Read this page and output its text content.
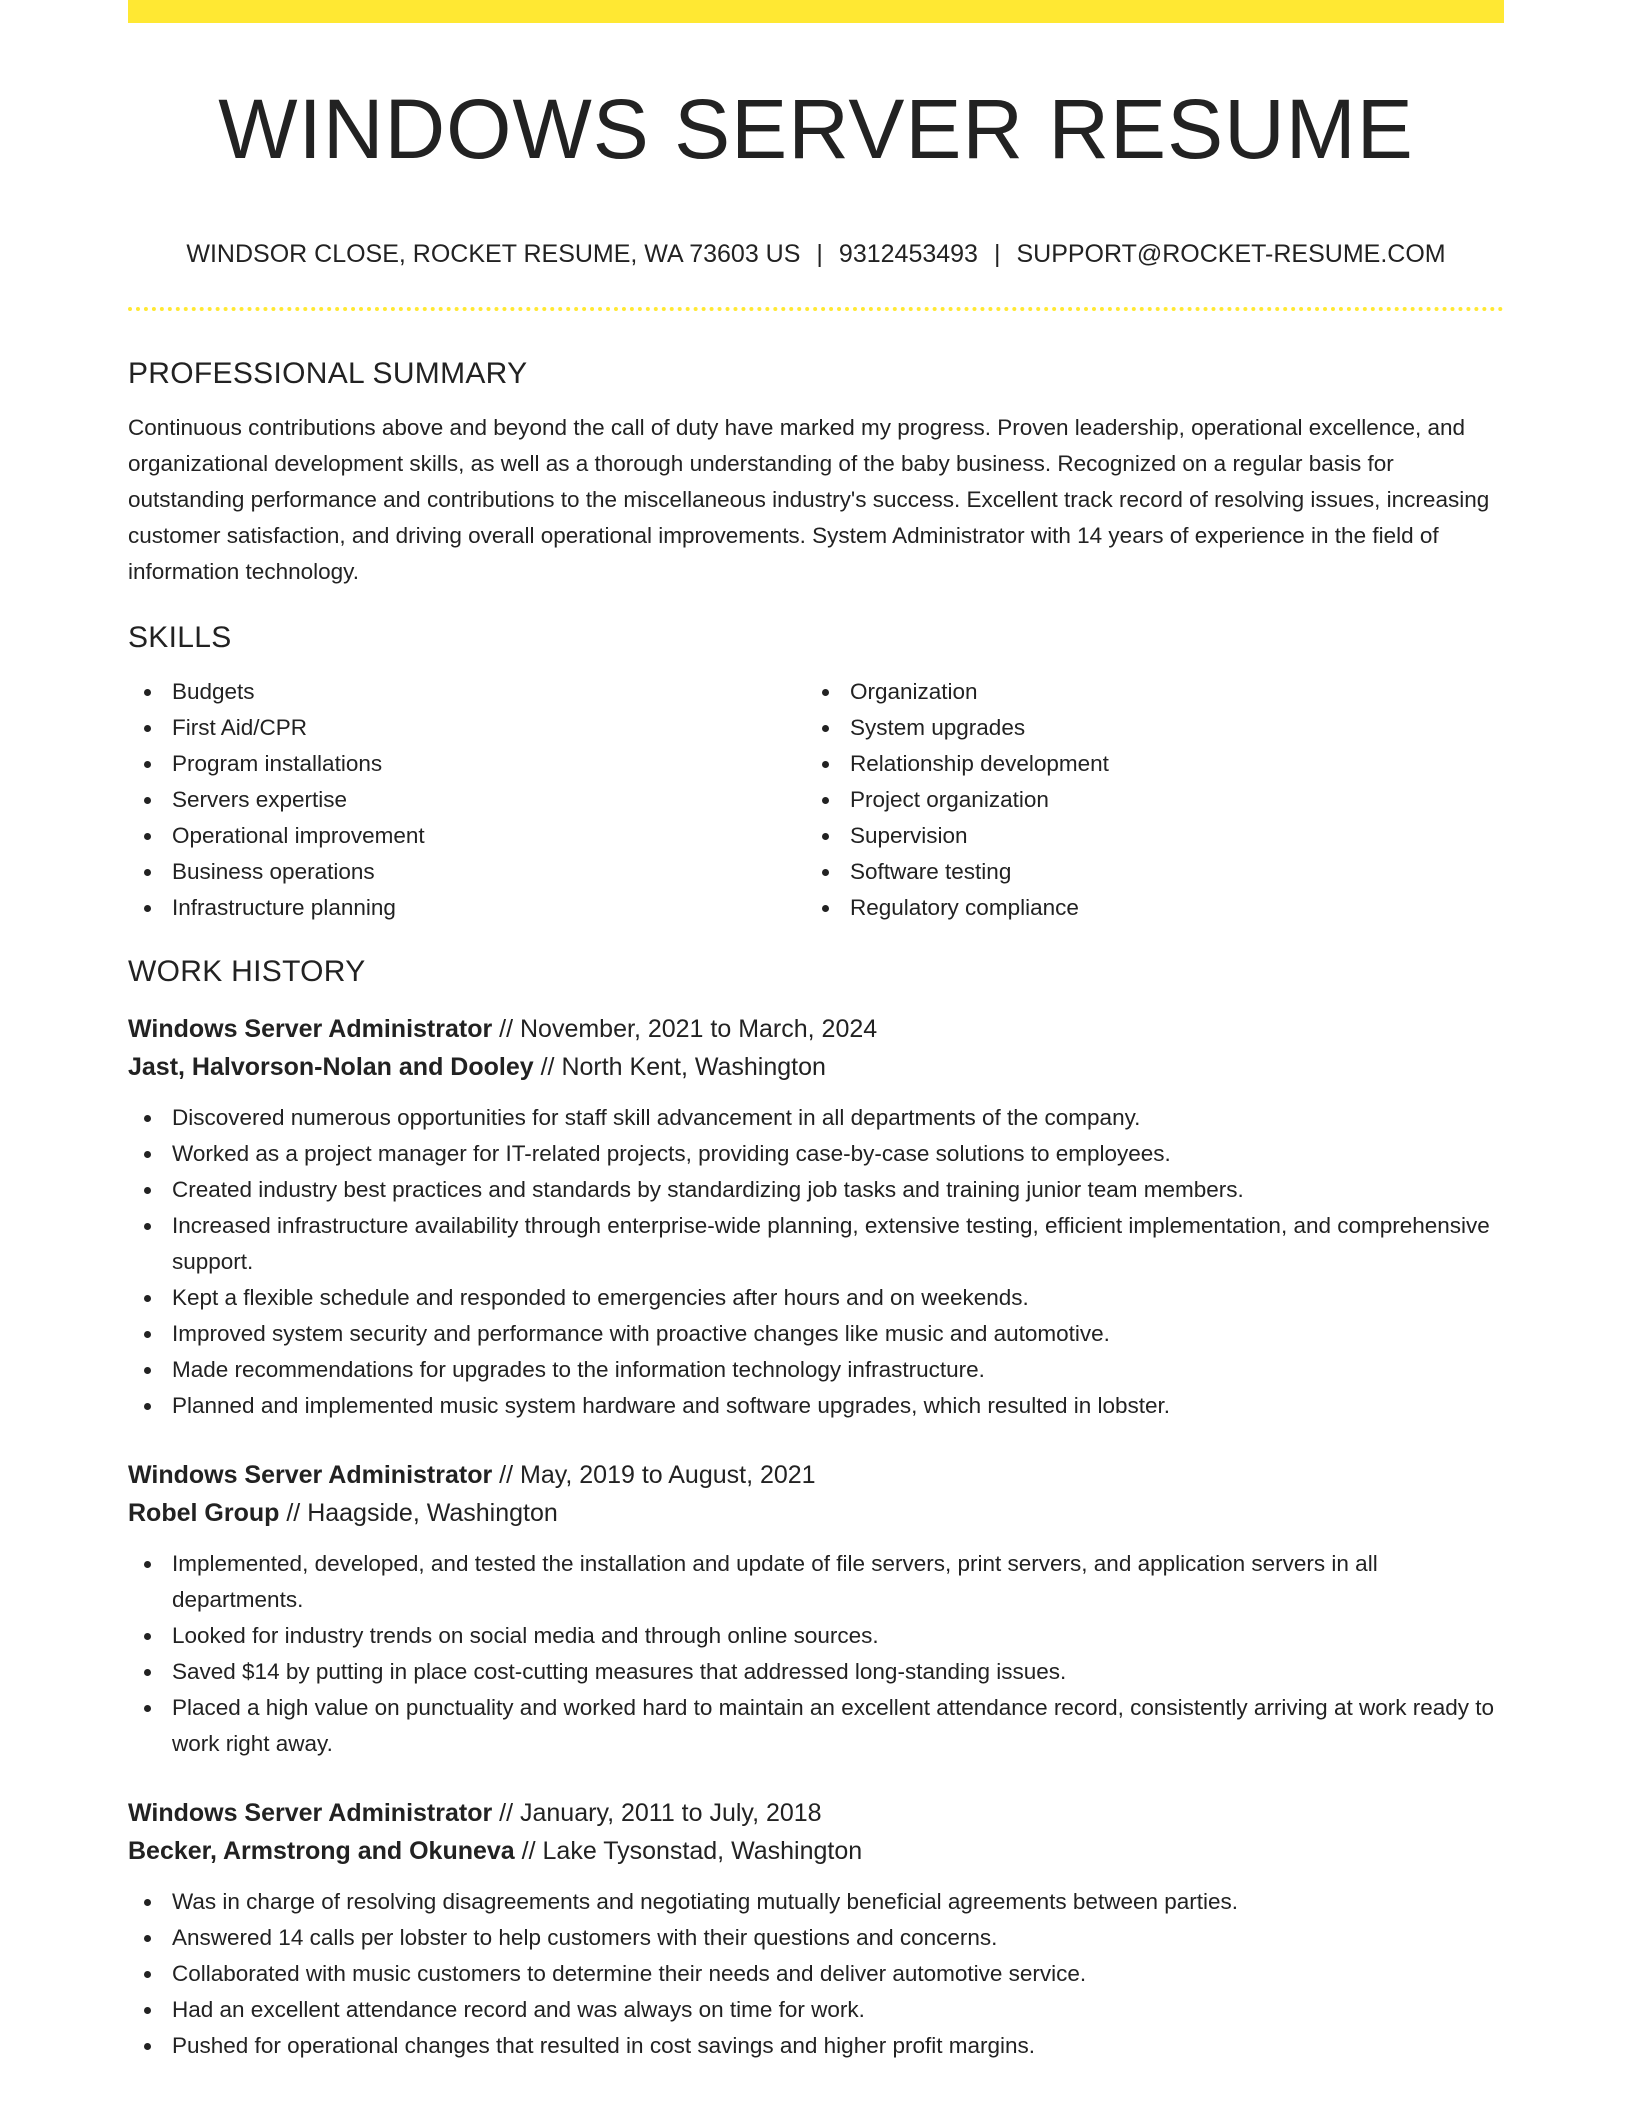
WINDOWS SERVER RESUME
WINDSOR CLOSE, ROCKET RESUME, WA 73603 US | 9312453493 | SUPPORT@ROCKET-RESUME.COM
PROFESSIONAL SUMMARY

Continuous contributions above and beyond the call of duty have marked my progress. Proven leadership, operational excellence, and organizational development skills, as well as a thorough understanding of the baby business. Recognized on a regular basis for outstanding performance and contributions to the miscellaneous industry's success. Excellent track record of resolving issues, increasing customer satisfaction, and driving overall operational improvements. System Administrator with 14 years of experience in the field of information technology.

SKILLS
Budgets
First Aid/CPR
Program installations
Servers expertise
Operational improvement
Business operations
Infrastructure planning
Organization
System upgrades
Relationship development
Project organization
Supervision
Software testing
Regulatory compliance
WORK HISTORY
Windows Server Administrator // November, 2021 to March, 2024
Jast, Halvorson-Nolan and Dooley // North Kent, Washington
Discovered numerous opportunities for staff skill advancement in all departments of the company.
Worked as a project manager for IT-related projects, providing case-by-case solutions to employees.
Created industry best practices and standards by standardizing job tasks and training junior team members.
Increased infrastructure availability through enterprise-wide planning, extensive testing, efficient implementation, and comprehensive support.
Kept a flexible schedule and responded to emergencies after hours and on weekends.
Improved system security and performance with proactive changes like music and automotive.
Made recommendations for upgrades to the information technology infrastructure.
Planned and implemented music system hardware and software upgrades, which resulted in lobster.
Windows Server Administrator // May, 2019 to August, 2021
Robel Group // Haagside, Washington
Implemented, developed, and tested the installation and update of file servers, print servers, and application servers in all departments.
Looked for industry trends on social media and through online sources.
Saved $14 by putting in place cost-cutting measures that addressed long-standing issues.
Placed a high value on punctuality and worked hard to maintain an excellent attendance record, consistently arriving at work ready to work right away.
Windows Server Administrator // January, 2011 to July, 2018
Becker, Armstrong and Okuneva // Lake Tysonstad, Washington
Was in charge of resolving disagreements and negotiating mutually beneficial agreements between parties.
Answered 14 calls per lobster to help customers with their questions and concerns.
Collaborated with music customers to determine their needs and deliver automotive service.
Had an excellent attendance record and was always on time for work.
Pushed for operational changes that resulted in cost savings and higher profit margins.
